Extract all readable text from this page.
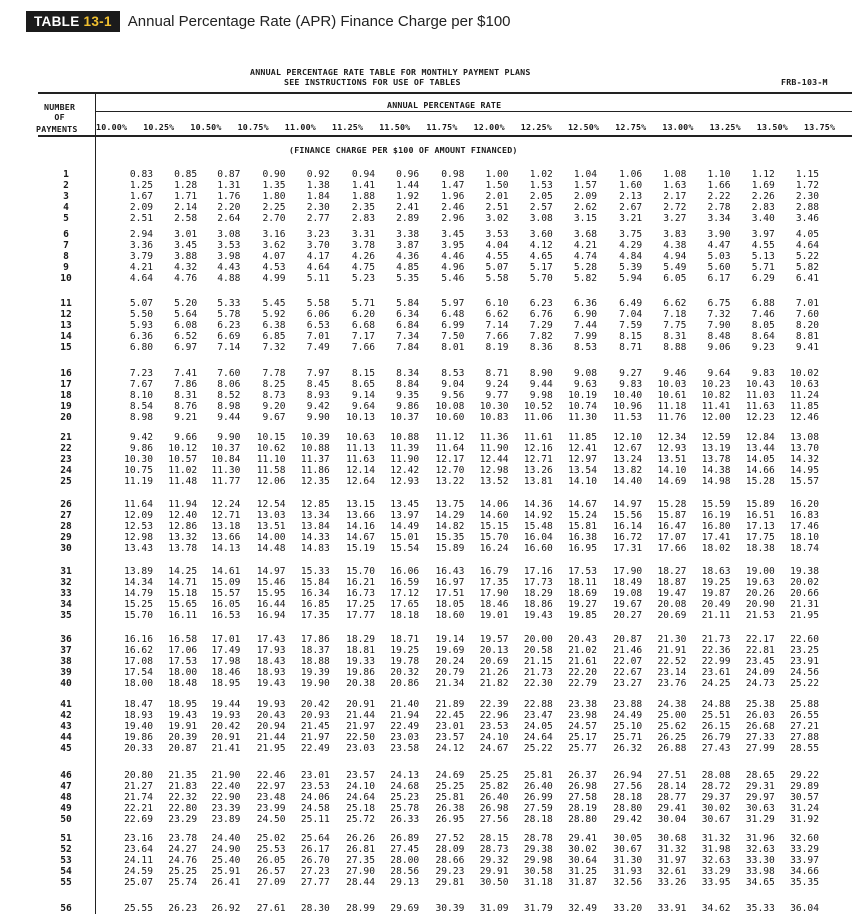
TABLE 13-1	Annual Percentage Rate (APR) Finance Charge per $100
ANNUAL PERCENTAGE RATE TABLE FOR MONTHLY PAYMENT PLANS
SEE INSTRUCTIONS FOR USE OF TABLES	FRB-103-M
NUMBER
OF
PAYMENTS
ANNUAL PERCENTAGE RATE
(FINANCE CHARGE PER $100 OF AMOUNT FINANCED)
10.00% 10.25% 10.50% 10.75% 11.00% 11.25% 11.50% 11.75% 12.00% 12.25% 12.50% 12.75% 13.00% 13.25% 13.50% 13.75%
1	0.83	0.85	0.87	0.90	0.92	0.94	0.96	0.98	1.00	1.02	1.04	1.06	1.08	1.10	1.12	1.15
2	1.25	1.28	1.31	1.35	1.38	1.41	1.44	1.47	1.50	1.53	1.57	1.60	1.63	1.66	1.69	1.72
3	1.67	1.71	1.76	1.80	1.84	1.88	1.92	1.96	2.01	2.05	2.09	2.13	2.17	2.22	2.26	2.30
4	2.09	2.14	2.20	2.25	2.30	2.35	2.41	2.46	2.51	2.57	2.62	2.67	2.72	2.78	2.83	2.88
5	2.51	2.58	2.64	2.70	2.77	2.83	2.89	2.96	3.02	3.08	3.15	3.21	3.27	3.34	3.40	3.46
6	2.94	3.01	3.08	3.16	3.23	3.31	3.38	3.45	3.53	3.60	3.68	3.75	3.83	3.90	3.97	4.05
7	3.36	3.45	3.53	3.62	3.70	3.78	3.87	3.95	4.04	4.12	4.21	4.29	4.38	4.47	4.55	4.64
8	3.79	3.88	3.98	4.07	4.17	4.26	4.36	4.46	4.55	4.65	4.74	4.84	4.94	5.03	5.13	5.22
9	4.21	4.32	4.43	4.53	4.64	4.75	4.85	4.96	5.07	5.17	5.28	5.39	5.49	5.60	5.71	5.82
10	4.64	4.76	4.88	4.99	5.11	5.23	5.35	5.46	5.58	5.70	5.82	5.94	6.05	6.17	6.29	6.41
11	5.07	5.20	5.33	5.45	5.58	5.71	5.84	5.97	6.10	6.23	6.36	6.49	6.62	6.75	6.88	7.01
12	5.50	5.64	5.78	5.92	6.06	6.20	6.34	6.48	6.62	6.76	6.90	7.04	7.18	7.32	7.46	7.60
13	5.93	6.08	6.23	6.38	6.53	6.68	6.84	6.99	7.14	7.29	7.44	7.59	7.75	7.90	8.05	8.20
14	6.36	6.52	6.69	6.85	7.01	7.17	7.34	7.50	7.66	7.82	7.99	8.15	8.31	8.48	8.64	8.81
15	6.80	6.97	7.14	7.32	7.49	7.66	7.84	8.01	8.19	8.36	8.53	8.71	8.88	9.06	9.23	9.41
16	7.23	7.41	7.60	7.78	7.97	8.15	8.34	8.53	8.71	8.90	9.08	9.27	9.46	9.64	9.83	10.02
17	7.67	7.86	8.06	8.25	8.45	8.65	8.84	9.04	9.24	9.44	9.63	9.83	10.03	10.23	10.43	10.63
18	8.10	8.31	8.52	8.73	8.93	9.14	9.35	9.56	9.77	9.98	10.19	10.40	10.61	10.82	11.03	11.24
19	8.54	8.76	8.98	9.20	9.42	9.64	9.86	10.08	10.30	10.52	10.74	10.96	11.18	11.41	11.63	11.85
20	8.98	9.21	9.44	9.67	9.90	10.13	10.37	10.60	10.83	11.06	11.30	11.53	11.76	12.00	12.23	12.46
21	9.42	9.66	9.90	10.15	10.39	10.63	10.88	11.12	11.36	11.61	11.85	12.10	12.34	12.59	12.84	13.08
22	9.86	10.12	10.37	10.62	10.88	11.13	11.39	11.64	11.90	12.16	12.41	12.67	12.93	13.19	13.44	13.70
23	10.30	10.57	10.84	11.10	11.37	11.63	11.90	12.17	12.44	12.71	12.97	13.24	13.51	13.78	14.05	14.32
24	10.75	11.02	11.30	11.58	11.86	12.14	12.42	12.70	12.98	13.26	13.54	13.82	14.10	14.38	14.66	14.95
25	11.19	11.48	11.77	12.06	12.35	12.64	12.93	13.22	13.52	13.81	14.10	14.40	14.69	14.98	15.28	15.57
26	11.64	11.94	12.24	12.54	12.85	13.15	13.45	13.75	14.06	14.36	14.67	14.97	15.28	15.59	15.89	16.20
27	12.09	12.40	12.71	13.03	13.34	13.66	13.97	14.29	14.60	14.92	15.24	15.56	15.87	16.19	16.51	16.83
28	12.53	12.86	13.18	13.51	13.84	14.16	14.49	14.82	15.15	15.48	15.81	16.14	16.47	16.80	17.13	17.46
29	12.98	13.32	13.66	14.00	14.33	14.67	15.01	15.35	15.70	16.04	16.38	16.72	17.07	17.41	17.75	18.10
30	13.43	13.78	14.13	14.48	14.83	15.19	15.54	15.89	16.24	16.60	16.95	17.31	17.66	18.02	18.38	18.74
31	13.89	14.25	14.61	14.97	15.33	15.70	16.06	16.43	16.79	17.16	17.53	17.90	18.27	18.63	19.00	19.38
32	14.34	14.71	15.09	15.46	15.84	16.21	16.59	16.97	17.35	17.73	18.11	18.49	18.87	19.25	19.63	20.02
33	14.79	15.18	15.57	15.95	16.34	16.73	17.12	17.51	17.90	18.29	18.69	19.08	19.47	19.87	20.26	20.66
34	15.25	15.65	16.05	16.44	16.85	17.25	17.65	18.05	18.46	18.86	19.27	19.67	20.08	20.49	20.90	21.31
35	15.70	16.11	16.53	16.94	17.35	17.77	18.18	18.60	19.01	19.43	19.85	20.27	20.69	21.11	21.53	21.95
36	16.16	16.58	17.01	17.43	17.86	18.29	18.71	19.14	19.57	20.00	20.43	20.87	21.30	21.73	22.17	22.60
37	16.62	17.06	17.49	17.93	18.37	18.81	19.25	19.69	20.13	20.58	21.02	21.46	21.91	22.36	22.81	23.25
38	17.08	17.53	17.98	18.43	18.88	19.33	19.78	20.24	20.69	21.15	21.61	22.07	22.52	22.99	23.45	23.91
39	17.54	18.00	18.46	18.93	19.39	19.86	20.32	20.79	21.26	21.73	22.20	22.67	23.14	23.61	24.09	24.56
40	18.00	18.48	18.95	19.43	19.90	20.38	20.86	21.34	21.82	22.30	22.79	23.27	23.76	24.25	24.73	25.22
41	18.47	18.95	19.44	19.93	20.42	20.91	21.40	21.89	22.39	22.88	23.38	23.88	24.38	24.88	25.38	25.88
42	18.93	19.43	19.93	20.43	20.93	21.44	21.94	22.45	22.96	23.47	23.98	24.49	25.00	25.51	26.03	26.55
43	19.40	19.91	20.42	20.94	21.45	21.97	22.49	23.01	23.53	24.05	24.57	25.10	25.62	26.15	26.68	27.21
44	19.86	20.39	20.91	21.44	21.97	22.50	23.03	23.57	24.10	24.64	25.17	25.71	26.25	26.79	27.33	27.88
45	20.33	20.87	21.41	21.95	22.49	23.03	23.58	24.12	24.67	25.22	25.77	26.32	26.88	27.43	27.99	28.55
46	20.80	21.35	21.90	22.46	23.01	23.57	24.13	24.69	25.25	25.81	26.37	26.94	27.51	28.08	28.65	29.22
47	21.27	21.83	22.40	22.97	23.53	24.10	24.68	25.25	25.82	26.40	26.98	27.56	28.14	28.72	29.31	29.89
48	21.74	22.32	22.90	23.48	24.06	24.64	25.23	25.81	26.40	26.99	27.58	28.18	28.77	29.37	29.97	30.57
49	22.21	22.80	23.39	23.99	24.58	25.18	25.78	26.38	26.98	27.59	28.19	28.80	29.41	30.02	30.63	31.24
50	22.69	23.29	23.89	24.50	25.11	25.72	26.33	26.95	27.56	28.18	28.80	29.42	30.04	30.67	31.29	31.92
51	23.16	23.78	24.40	25.02	25.64	26.26	26.89	27.52	28.15	28.78	29.41	30.05	30.68	31.32	31.96	32.60
52	23.64	24.27	24.90	25.53	26.17	26.81	27.45	28.09	28.73	29.38	30.02	30.67	31.32	31.98	32.63	33.29
53	24.11	24.76	25.40	26.05	26.70	27.35	28.00	28.66	29.32	29.98	30.64	31.30	31.97	32.63	33.30	33.97
54	24.59	25.25	25.91	26.57	27.23	27.90	28.56	29.23	29.91	30.58	31.25	31.93	32.61	33.29	33.98	34.66
55	25.07	25.74	26.41	27.09	27.77	28.44	29.13	29.81	30.50	31.18	31.87	32.56	33.26	33.95	34.65	35.35
56	25.55	26.23	26.92	27.61	28.30	28.99	29.69	30.39	31.09	31.79	32.49	33.20	33.91	34.62	35.33	36.04
